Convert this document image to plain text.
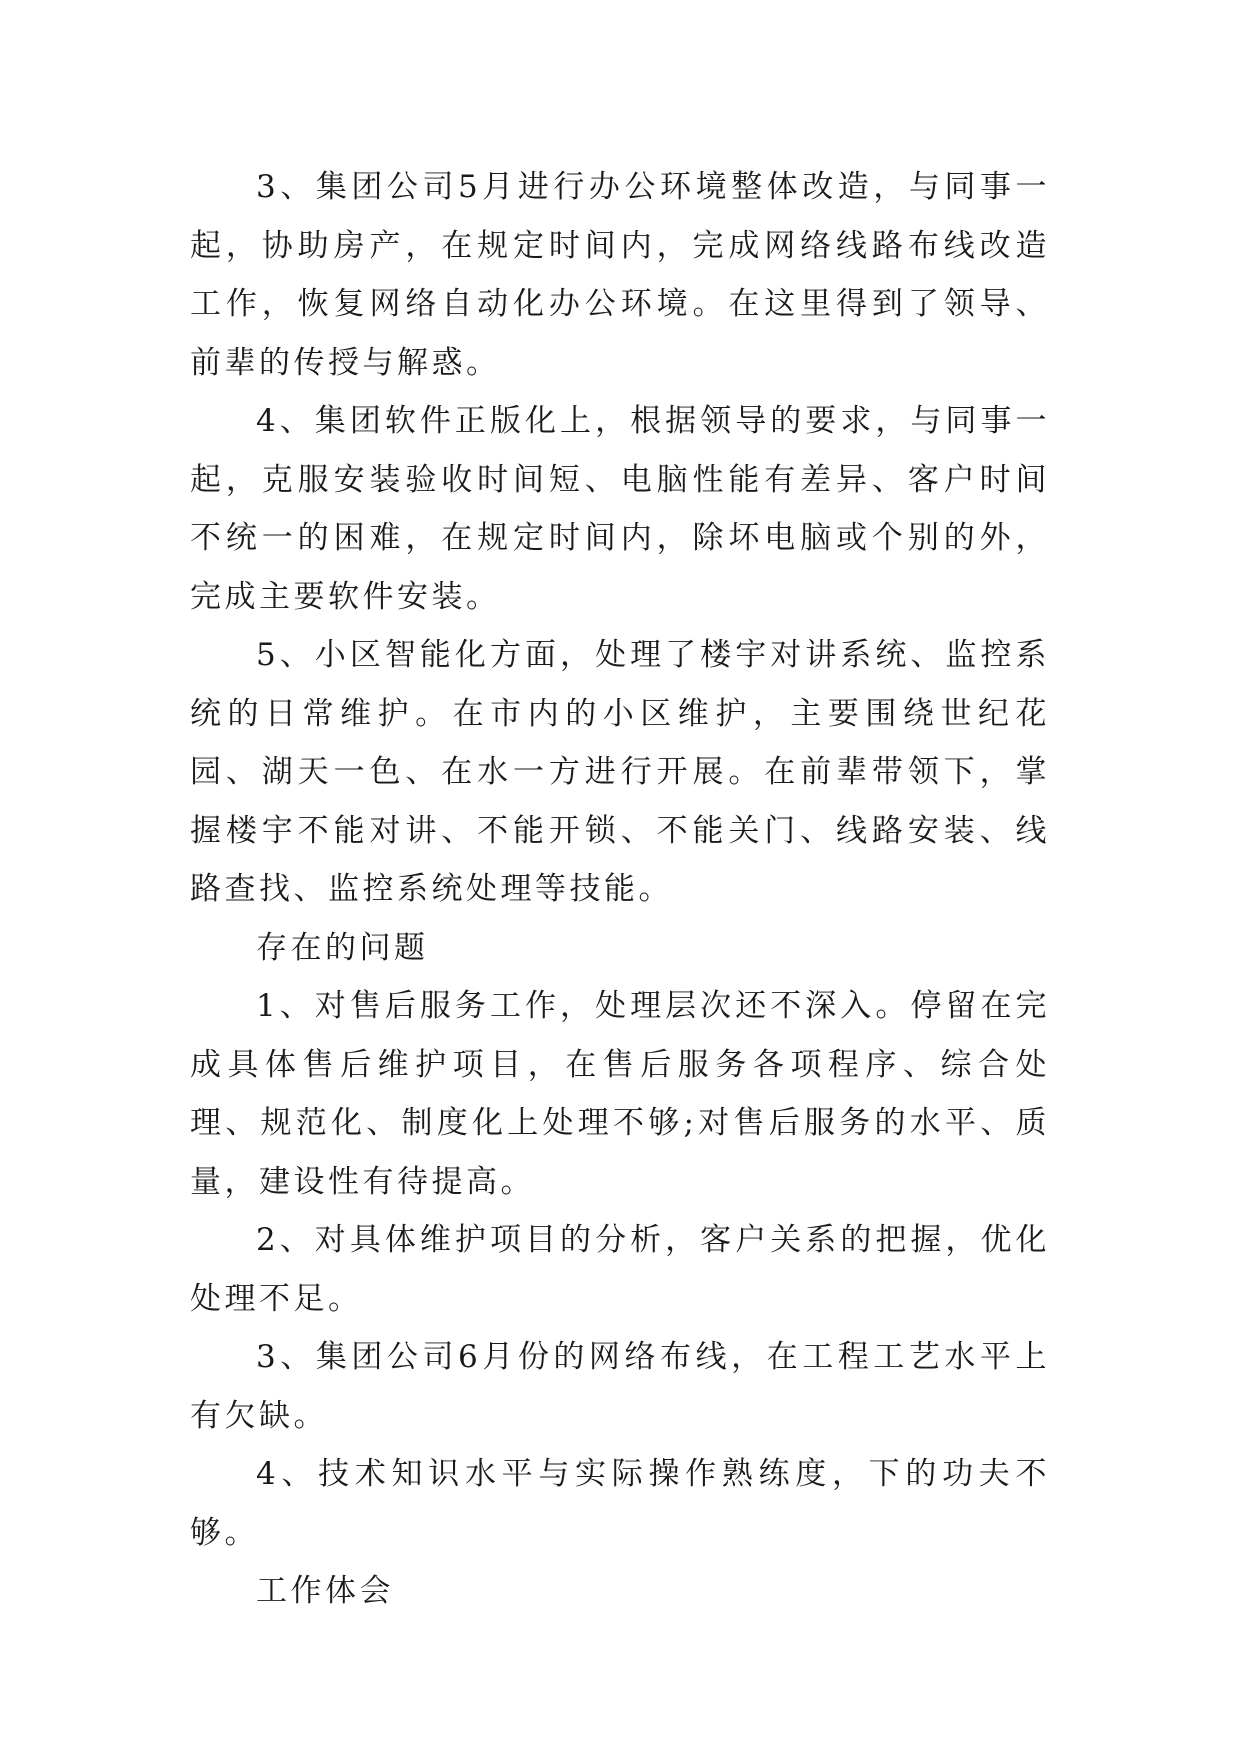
3、集团公司5月进行办公环境整体改造，与同事一起，协助房产，在规定时间内，完成网络线路布线改造工作，恢复网络自动化办公环境。在这里得到了领导、前辈的传授与解惑。

4、集团软件正版化上，根据领导的要求，与同事一起，克服安装验收时间短、电脑性能有差异、客户时间不统一的困难，在规定时间内，除坏电脑或个别的外，完成主要软件安装。

5、小区智能化方面，处理了楼宇对讲系统、监控系统的日常维护。在市内的小区维护，主要围绕世纪花园、湖天一色、在水一方进行开展。在前辈带领下，掌握楼宇不能对讲、不能开锁、不能关门、线路安装、线路查找、监控系统处理等技能。

存在的问题

1、对售后服务工作，处理层次还不深入。停留在完成具体售后维护项目，在售后服务各项程序、综合处理、规范化、制度化上处理不够;对售后服务的水平、质量，建设性有待提高。

2、对具体维护项目的分析，客户关系的把握，优化处理不足。

3、集团公司6月份的网络布线，在工程工艺水平上有欠缺。

4、技术知识水平与实际操作熟练度，下的功夫不够。

工作体会
